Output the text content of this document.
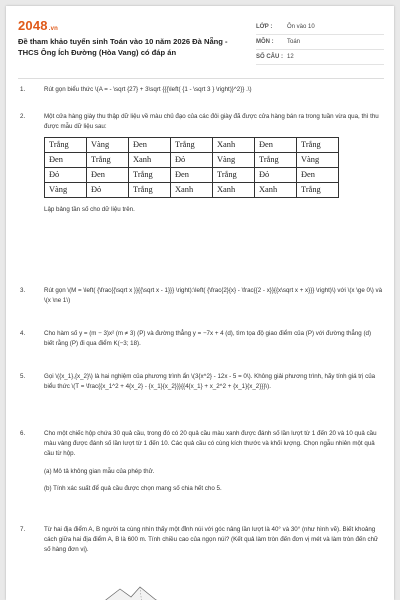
2048.vn
Đề tham khảo tuyển sinh Toán vào 10 năm 2026 Đà Nẵng - THCS Ông Ích Đường (Hòa Vang) có đáp án
LỚP :	Ôn vào 10
MÔN :	Toán
SỐ CÂU : 12
1.	Rút gọn biểu thức \(A = - \sqrt {27} + 3\sqrt {{{\left( {1 - \sqrt 3 } \right)}^2}} .\)
2.	Một cửa hàng giày thu thập dữ liệu về màu chủ đạo của các đôi giày đã được cửa hàng bán ra trong tuần vừa qua, thì thu được mẫu dữ liệu sau:
Trắng	Vàng	Đen	Trắng	Xanh	Đen	Trắng
Đen	Trắng	Xanh	Đỏ	Vàng	Trắng	Vàng
Đỏ	Đen	Trắng	Đen	Trắng	Đỏ	Đen
Vàng	Đỏ	Trắng	Xanh	Xanh	Xanh	Trắng
Lập bảng tần số cho dữ liệu trên.
3.	Rút gọn \(M = \left( {\frac{{\sqrt x }}{{\sqrt x - 1}}} \right):\left( {\frac{2}{x} - \frac{{2 - x}}{{x\sqrt x + x}}} \right)\) với \(x \ge 0\) và \(x \ne 1\)
4.	Cho hàm số y = (m − 3)x² (m ≠ 3) (P) và đường thẳng y = −7x + 4 (d), tìm tọa độ giao điểm của (P) với đường thẳng (d) biết rằng (P) đi qua điểm K(−3; 18).
5.	Gọi \({x_1},{x_2}\) là hai nghiệm của phương trình ẩn \(3{x^2} - 12x - 5 = 0\). Không giải phương trình, hãy tính giá trị của biểu thức \(T = \frac{{x_1^2 + 4{x_2} - {x_1}{x_2}}}{{4{x_1} + x_2^2 + {x_1}{x_2}}}\).
6.	Cho một chiếc hộp chứa 30 quả cầu, trong đó có 20 quả cầu màu xanh được đánh số lần lượt từ 1 đến 20 và 10 quả cầu màu vàng được đánh số lần lượt từ 1 đến 10. Các quả cầu có cùng kích thước và khối lượng. Chọn ngẫu nhiên một quả cầu từ hộp.
(a) Mô tả không gian mẫu của phép thử.
(b) Tính xác suất để quả cầu được chọn mang số chia hết cho 5.
7.	Từ hai địa điểm A, B người ta cùng nhìn thấy một đỉnh núi với góc nâng lần lượt là 40° và 30° (như hình vẽ). Biết khoảng cách giữa hai địa điểm A, B là 600 m. Tính chiều cao của ngọn núi? (Kết quả làm tròn đến đơn vị mét và làm tròn đến chữ số hàng đơn vị).
